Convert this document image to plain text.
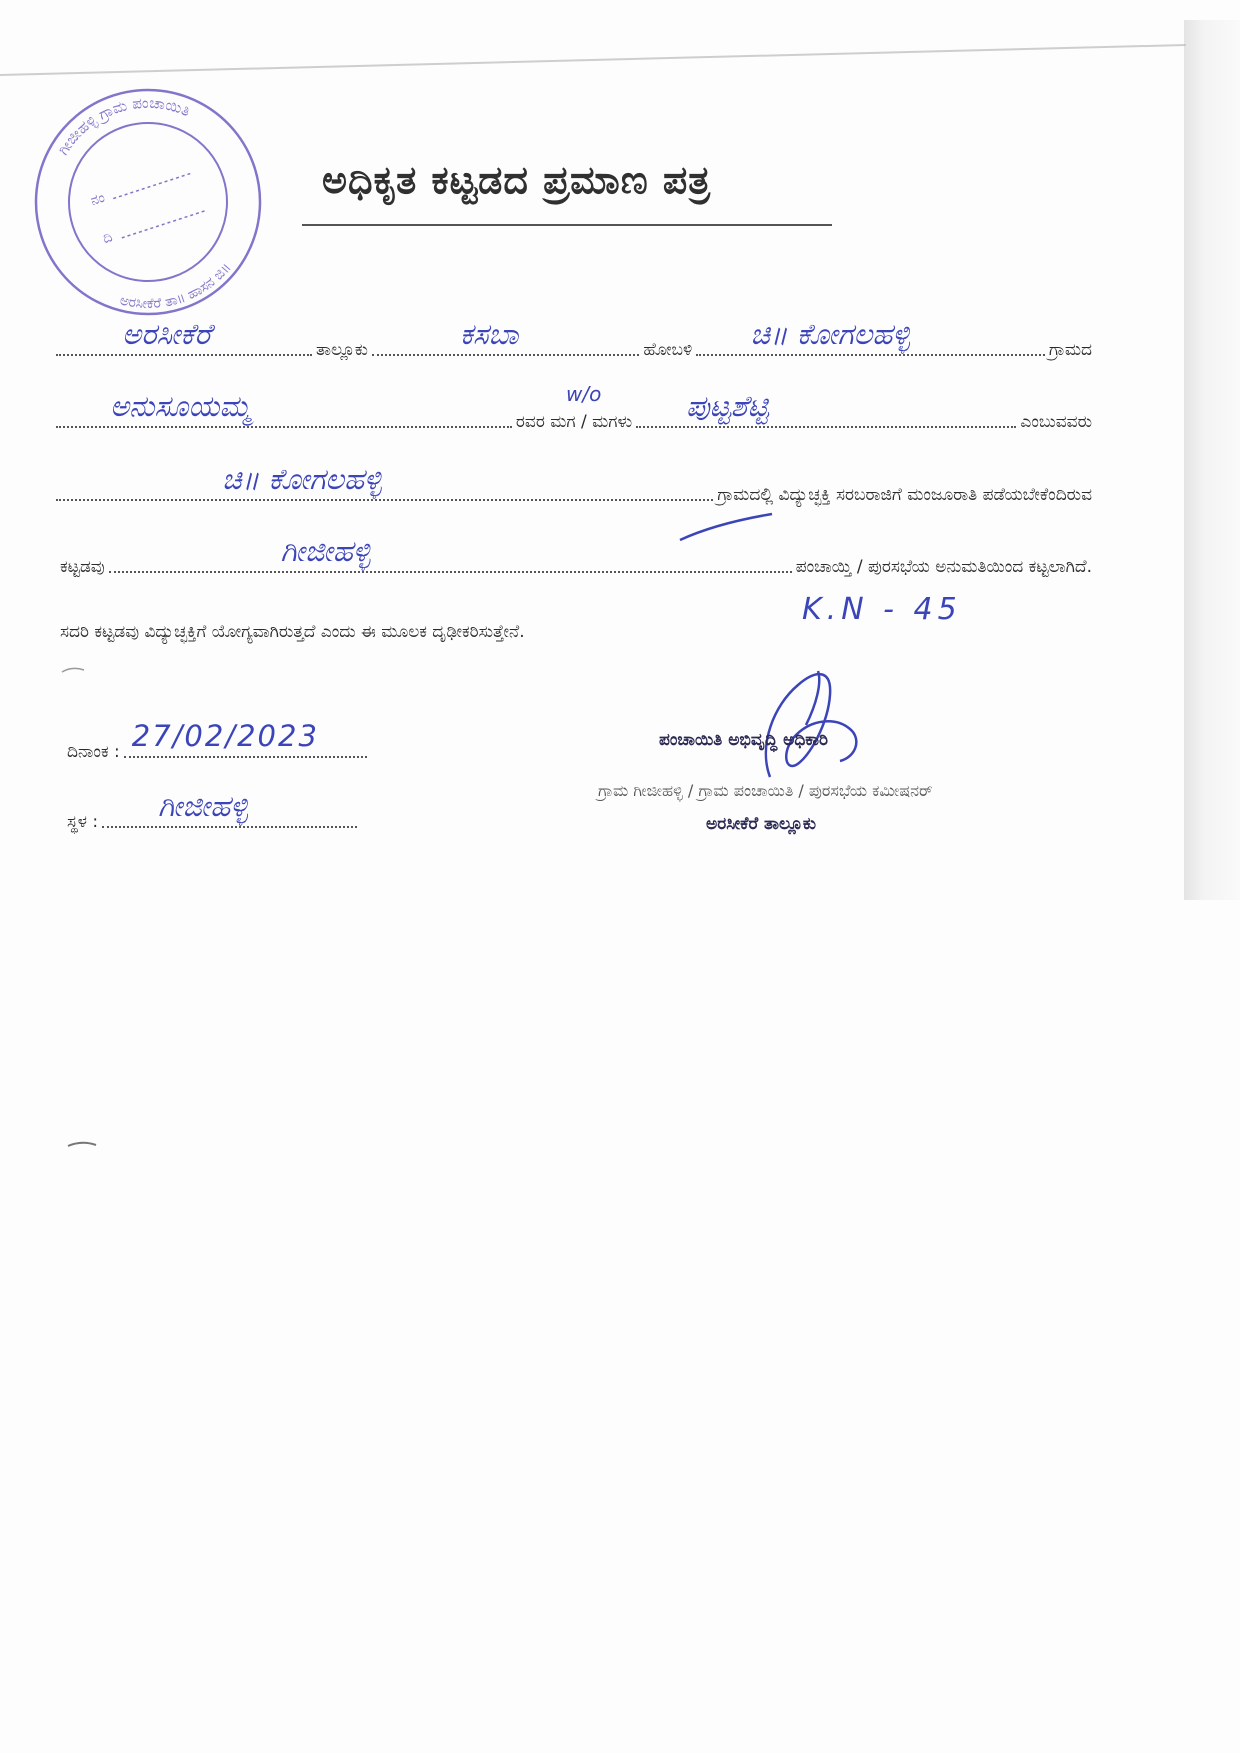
ಗೀಜೀಹಳ್ಳಿ ಗ್ರಾಮ ಪಂಚಾಯಿತಿ
ಅರಸೀಕೆರೆ ತಾ॥ ಹಾಸನ ಜಿ॥
ನಂ
ದಿ
ಅಧಿಕೃತ ಕಟ್ಟಡದ ಪ್ರಮಾಣ ಪತ್ರ
ಅರಸೀಕೆರೆ	ತಾಲ್ಲೂಕು	ಕಸಬಾ	ಹೋಬಳಿ ಚಿ॥ ಕೋಗಲಹಳ್ಳಿ	ಗ್ರಾಮದ
ಅನುಸೂಯಮ್ಮ	ರವರ ಮಗ / ಮಗಳು ಪುಟ್ಟಶೆಟ್ಟಿ	ಎಂಬುವವರು
w/o
ಚಿ॥ ಕೋಗಲಹಳ್ಳಿ	ಗ್ರಾಮದಲ್ಲಿ ವಿದ್ಯುಚ್ಛಕ್ತಿ ಸರಬರಾಜಿಗೆ ಮಂಜೂರಾತಿ ಪಡೆಯಬೇಕೆಂದಿರುವ
ಕಟ್ಟಡವು	ಗೀಜೀಹಳ್ಳಿ	ಪಂಚಾಯ್ತಿ / ಪುರಸಭೆಯ ಅನುಮತಿಯಿಂದ ಕಟ್ಟಲಾಗಿದೆ.
ಸದರಿ ಕಟ್ಟಡವು ವಿದ್ಯುಚ್ಛಕ್ತಿಗೆ ಯೋಗ್ಯವಾಗಿರುತ್ತದೆ ಎಂದು ಈ ಮೂಲಕ ದೃಢೀಕರಿಸುತ್ತೇನೆ.
K.N - 45
ದಿನಾಂಕ : 27/02/2023
ಸ್ಥಳ : ಗೀಜೀಹಳ್ಳಿ
ಪಂಚಾಯಿತಿ ಅಭಿವೃದ್ಧಿ ಅಧಿಕಾರಿ
ಗ್ರಾಮ ಗೀಜೀಹಳ್ಳಿ / ಗ್ರಾಮ ಪಂಚಾಯಿತಿ / ಪುರಸಭೆಯ ಕಮೀಷನರ್
ಅರಸೀಕೆರೆ ತಾಲ್ಲೂಕು
